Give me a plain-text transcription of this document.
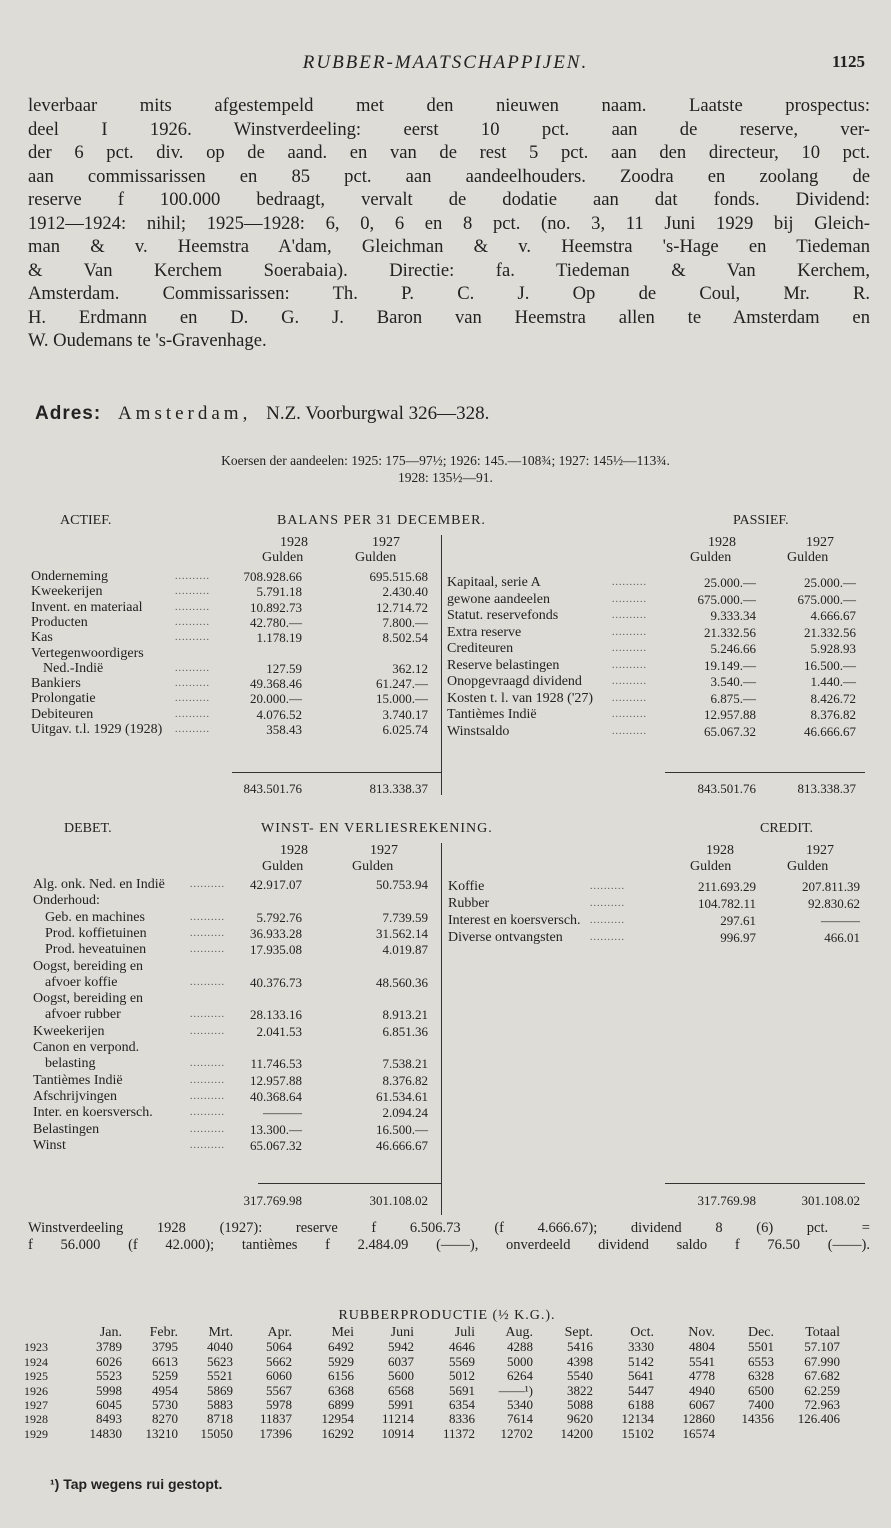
RUBBER-MAATSCHAPPIJEN.	1125
leverbaar mits afgestempeld met den nieuwen naam. Laatste prospectus:
deel I 1926. Winstverdeeling: eerst 10 pct. aan de reserve, ver-
der 6 pct. div. op de aand. en van de rest 5 pct. aan den directeur, 10 pct.
aan commissarissen en 85 pct. aan aandeelhouders. Zoodra en zoolang de
reserve f 100.000 bedraagt, vervalt de dodatie aan dat fonds. Dividend:
1912—1924: nihil; 1925—1928: 6, 0, 6 en 8 pct. (no. 3, 11 Juni 1929 bij Gleich-
man & v. Heemstra A'dam, Gleichman & v. Heemstra 's-Hage en Tiedeman
& Van Kerchem Soerabaia). Directie: fa. Tiedeman & Van Kerchem,
Amsterdam. Commissarissen: Th. P. C. J. Op de Coul, Mr. R.
H. Erdmann en D. G. J. Baron van Heemstra allen te Amsterdam en
W. Oudemans te 's-Gravenhage.
Adres: Amsterdam, N.Z. Voorburgwal 326—328.
Koersen der aandeelen: 1925: 175—97½; 1926: 145.—108¾; 1927: 145½—113¾.
1928: 135½—91.
ACTIEF.	BALANS PER 31 DECEMBER.	PASSIEF.
1928	1927
Gulden	Gulden
1928	1927
Gulden	Gulden
Onderneming	..........	708.928.66	695.515.68
Kweekerijen	..........	5.791.18	2.430.40
Invent. en materiaal	..........	10.892.73	12.714.72
Producten	..........	42.780.—	7.800.—
Kas	..........	1.178.19	8.502.54
Vertegenwoordigers
Ned.-Indië	..........	127.59	362.12
Bankiers	..........	49.368.46	61.247.—
Prolongatie	..........	20.000.—	15.000.—
Debiteuren	..........	4.076.52	3.740.17
Uitgav. t.l. 1929 (1928) ..........	358.43	6.025.74
Kapitaal, serie A	..........	25.000.—	25.000.—
gewone aandeelen	..........	675.000.—	675.000.—
Statut. reservefonds	..........	9.333.34	4.666.67
Extra reserve	..........	21.332.56	21.332.56
Crediteuren	..........	5.246.66	5.928.93
Reserve belastingen	..........	19.149.—	16.500.—
Onopgevraagd dividend	..........	3.540.—	1.440.—
Kosten t. l. van 1928 ('27) ..........	6.875.—	8.426.72
Tantièmes Indië	..........	12.957.88	8.376.82
Winstsaldo	..........	65.067.32	46.666.67
843.501.76	813.338.37	843.501.76	813.338.37
DEBET.	WINST- EN VERLIESREKENING.	CREDIT.
1928	1927
Gulden	Gulden
1928	1927
Gulden	Gulden
Alg. onk. Ned. en Indië	..........	42.917.07	50.753.94
Onderhoud:
Geb. en machines	..........	5.792.76	7.739.59
Prod. koffietuinen	..........	36.933.28	31.562.14
Prod. heveatuinen	..........	17.935.08	4.019.87
Oogst, bereiding en
afvoer koffie	..........	40.376.73	48.560.36
Oogst, bereiding en
afvoer rubber	..........	28.133.16	8.913.21
Kweekerijen	..........	2.041.53	6.851.36
Canon en verpond.
belasting	..........	11.746.53	7.538.21
Tantièmes Indië	..........	12.957.88	8.376.82
Afschrijvingen	..........	40.368.64	61.534.61
Inter. en koersversch.	..........	———	2.094.24
Belastingen	..........	13.300.—	16.500.—
Winst	..........	65.067.32	46.666.67
Koffie	..........	211.693.29	207.811.39
Rubber	..........	104.782.11	92.830.62
Interest en koersversch. ..........	297.61	———
Diverse ontvangsten	..........	996.97	466.01
317.769.98	301.108.02	317.769.98	301.108.02
Winstverdeeling 1928 (1927): reserve f 6.506.73 (f 4.666.67); dividend 8 (6) pct. =
f 56.000 (f 42.000); tantièmes f 2.484.09 (——), onverdeeld dividend saldo f 76.50 (——).
RUBBERPRODUCTIE (½ K.G.).
	Jan.	Febr.	Mrt.	Apr.	Mei	Juni	Juli	Aug.	Sept.	Oct.	Nov.	Dec.	Totaal
1923	3789	3795	4040	5064	6492	5942	4646	4288	5416	3330	4804	5501	57.107
1924	6026	6613	5623	5662	5929	6037	5569	5000	4398	5142	5541	6553	67.990
1925	5523	5259	5521	6060	6156	5600	5012	6264	5540	5641	4778	6328	67.682
1926	5998	4954	5869	5567	6368	6568	5691	——¹)	3822	5447	4940	6500	62.259
1927	6045	5730	5883	5978	6899	5991	6354	5340	5088	6188	6067	7400	72.963
1928	8493	8270	8718	11837	12954	11214	8336	7614	9620	12134	12860	14356	126.406
1929	14830	13210	15050	17396	16292	10914	11372	12702	14200	15102	16574		
¹) Tap wegens rui gestopt.
